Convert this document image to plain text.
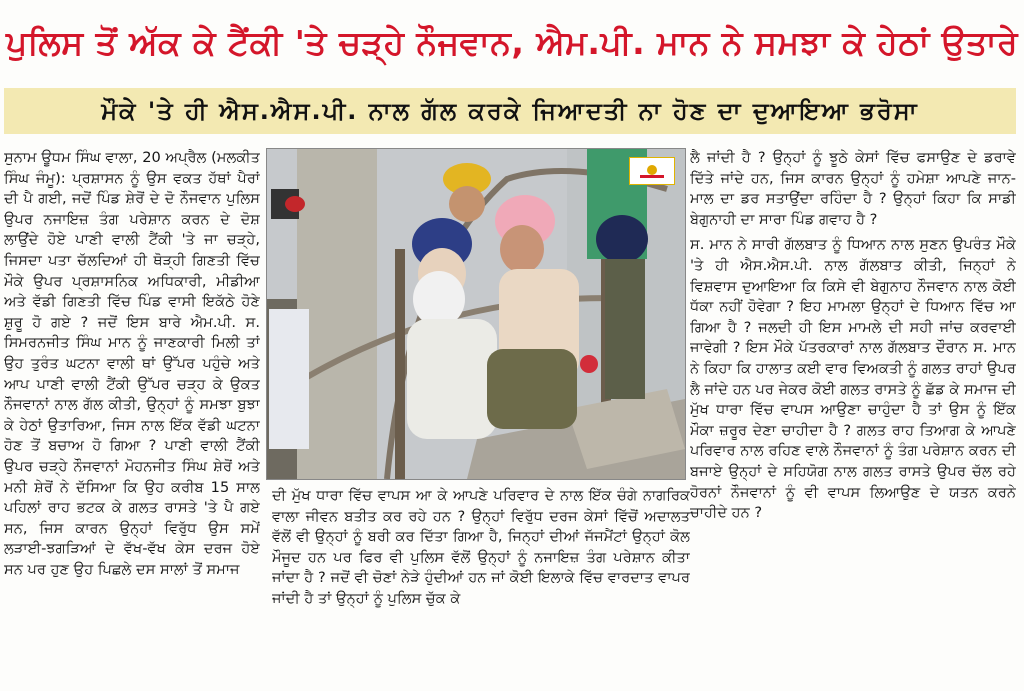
ਪੁਲਿਸ ਤੋਂ ਅੱਕ ਕੇ ਟੈਂਕੀ 'ਤੇ ਚੜ੍ਹੇ ਨੌਜਵਾਨ, ਐਮ.ਪੀ. ਮਾਨ ਨੇ ਸਮਝਾ ਕੇ ਹੇਠਾਂ ਉਤਾਰੇ
ਮੌਕੇ 'ਤੇ ਹੀ ਐਸ.ਐਸ.ਪੀ. ਨਾਲ ਗੱਲ ਕਰਕੇ ਜਿਆਦਤੀ ਨਾ ਹੋਣ ਦਾ ਦੁਆਇਆ ਭਰੋਸਾ

ਸੁਨਾਮ ਊਧਮ ਸਿੰਘ ਵਾਲਾ, 20 ਅਪ੍ਰੈਲ (ਮਲਕੀਤ ਸਿੰਘ ਜੰਮੂ): ਪ੍ਰਸ਼ਾਸਨ ਨੂੰ ਉਸ ਵਕਤ ਹੱਥਾਂ ਪੈਰਾਂ ਦੀ ਪੈ ਗਈ, ਜਦੋਂ ਪਿੰਡ ਸ਼ੇਰੋਂ ਦੇ ਦੋ ਨੌਜਵਾਨ ਪੁਲਿਸ ਉਪਰ ਨਜਾਇਜ਼ ਤੰਗ ਪਰੇਸ਼ਾਨ ਕਰਨ ਦੇ ਦੋਸ਼ ਲਾਉਂਦੇ ਹੋਏ ਪਾਣੀ ਵਾਲੀ ਟੈਂਕੀ 'ਤੇ ਜਾ ਚੜ੍ਹੇ, ਜਿਸਦਾ ਪਤਾ ਚੱਲਦਿਆਂ ਹੀ ਥੋੜ੍ਹੀ ਗਿਣਤੀ ਵਿੱਚ ਮੌਕੇ ਉਪਰ ਪ੍ਰਸ਼ਾਸਨਿਕ ਅਧਿਕਾਰੀ, ਮੀਡੀਆ ਅਤੇ ਵੱਡੀ ਗਿਣਤੀ ਵਿੱਚ ਪਿੰਡ ਵਾਸੀ ਇਕੱਠੇ ਹੋਣੇ ਸ਼ੁਰੂ ਹੋ ਗਏ ? ਜਦੋਂ ਇਸ ਬਾਰੇ ਐਮ.ਪੀ. ਸ. ਸਿਮਰਨਜੀਤ ਸਿੰਘ ਮਾਨ ਨੂੰ ਜਾਣਕਾਰੀ ਮਿਲੀ ਤਾਂ ਉਹ ਤੁਰੰਤ ਘਟਨਾ ਵਾਲੀ ਥਾਂ ਉੱਪਰ ਪਹੁੰਚੇ ਅਤੇ ਆਪ ਪਾਣੀ ਵਾਲੀ ਟੈਂਕੀ ਉੱਪਰ ਚੜ੍ਹ ਕੇ ਉਕਤ ਨੌਜਵਾਨਾਂ ਨਾਲ ਗੱਲ ਕੀਤੀ, ਉਨ੍ਹਾਂ ਨੂੰ ਸਮਝਾ ਬੁਝਾ ਕੇ ਹੇਠਾਂ ਉਤਾਰਿਆ, ਜਿਸ ਨਾਲ ਇੱਕ ਵੱਡੀ ਘਟਨਾ ਹੋਣ ਤੋਂ ਬਚਾਅ ਹੋ ਗਿਆ ? ਪਾਣੀ ਵਾਲੀ ਟੈਂਕੀ ਉਪਰ ਚੜ੍ਹੇ ਨੌਜਵਾਨਾਂ ਮੋਹਨਜੀਤ ਸਿੰਘ ਸ਼ੇਰੋਂ ਅਤੇ ਮਨੀ ਸ਼ੇਰੋਂ ਨੇ ਦੱਸਿਆ ਕਿ ਉਹ ਕਰੀਬ 15 ਸਾਲ ਪਹਿਲਾਂ ਰਾਹ ਭਟਕ ਕੇ ਗਲਤ ਰਾਸਤੇ 'ਤੇ ਪੈ ਗਏ ਸਨ, ਜਿਸ ਕਾਰਨ ਉਨ੍ਹਾਂ ਵਿਰੁੱਧ ਉਸ ਸਮੇਂ ਲੜਾਈ-ਝਗੜਿਆਂ ਦੇ ਵੱਖ-ਵੱਖ ਕੇਸ ਦਰਜ ਹੋਏ ਸਨ ਪਰ ਹੁਣ ਉਹ ਪਿਛਲੇ ਦਸ ਸਾਲਾਂ ਤੋਂ ਸਮਾਜ

ਦੀ ਮੁੱਖ ਧਾਰਾ ਵਿੱਚ ਵਾਪਸ ਆ ਕੇ ਆਪਣੇ ਪਰਿਵਾਰ ਦੇ ਨਾਲ ਇੱਕ ਚੰਗੇ ਨਾਗਰਿਕ ਵਾਲਾ ਜੀਵਨ ਬਤੀਤ ਕਰ ਰਹੇ ਹਨ ? ਉਨ੍ਹਾਂ ਵਿਰੁੱਧ ਦਰਜ ਕੇਸਾਂ ਵਿੱਚੋਂ ਅਦਾਲਤ ਵੱਲੋਂ ਵੀ ਉਨ੍ਹਾਂ ਨੂੰ ਬਰੀ ਕਰ ਦਿੱਤਾ ਗਿਆ ਹੈ, ਜਿਨ੍ਹਾਂ ਦੀਆਂ ਜੱਜਮੈਂਟਾਂ ਉਨ੍ਹਾਂ ਕੋਲ ਮੌਜੂਦ ਹਨ ਪਰ ਫਿਰ ਵੀ ਪੁਲਿਸ ਵੱਲੋਂ ਉਨ੍ਹਾਂ ਨੂੰ ਨਜਾਇਜ਼ ਤੰਗ ਪਰੇਸ਼ਾਨ ਕੀਤਾ ਜਾਂਦਾ ਹੈ ? ਜਦੋਂ ਵੀ ਚੋਣਾਂ ਨੇੜੇ ਹੁੰਦੀਆਂ ਹਨ ਜਾਂ ਕੋਈ ਇਲਾਕੇ ਵਿੱਚ ਵਾਰਦਾਤ ਵਾਪਰ ਜਾਂਦੀ ਹੈ ਤਾਂ ਉਨ੍ਹਾਂ ਨੂੰ ਪੁਲਿਸ ਚੁੱਕ ਕੇ

ਲੈ ਜਾਂਦੀ ਹੈ ? ਉਨ੍ਹਾਂ ਨੂੰ ਝੂਠੇ ਕੇਸਾਂ ਵਿੱਚ ਫਸਾਉਣ ਦੇ ਡਰਾਵੇ ਦਿੱਤੇ ਜਾਂਦੇ ਹਨ, ਜਿਸ ਕਾਰਨ ਉਨ੍ਹਾਂ ਨੂੰ ਹਮੇਸ਼ਾ ਆਪਣੇ ਜਾਨ-ਮਾਲ ਦਾ ਡਰ ਸਤਾਉਂਦਾ ਰਹਿੰਦਾ ਹੈ ? ਉਨ੍ਹਾਂ ਕਿਹਾ ਕਿ ਸਾਡੀ ਬੇਗੁਨਾਹੀ ਦਾ ਸਾਰਾ ਪਿੰਡ ਗਵਾਹ ਹੈ ?

ਸ. ਮਾਨ ਨੇ ਸਾਰੀ ਗੱਲਬਾਤ ਨੂੰ ਧਿਆਨ ਨਾਲ ਸੁਣਨ ਉਪਰੰਤ ਮੌਕੇ 'ਤੇ ਹੀ ਐਸ.ਐਸ.ਪੀ. ਨਾਲ ਗੱਲਬਾਤ ਕੀਤੀ, ਜਿਨ੍ਹਾਂ ਨੇ ਵਿਸ਼ਵਾਸ ਦੁਆਇਆ ਕਿ ਕਿਸੇ ਵੀ ਬੇਗੁਨਾਹ ਨੌਜਵਾਨ ਨਾਲ ਕੋਈ ਧੱਕਾ ਨਹੀਂ ਹੋਵੇਗਾ ? ਇਹ ਮਾਮਲਾ ਉਨ੍ਹਾਂ ਦੇ ਧਿਆਨ ਵਿੱਚ ਆ ਗਿਆ ਹੈ ? ਜਲਦੀ ਹੀ ਇਸ ਮਾਮਲੇ ਦੀ ਸਹੀ ਜਾਂਚ ਕਰਵਾਈ ਜਾਵੇਗੀ ? ਇਸ ਮੌਕੇ ਪੱਤਰਕਾਰਾਂ ਨਾਲ ਗੱਲਬਾਤ ਦੌਰਾਨ ਸ. ਮਾਨ ਨੇ ਕਿਹਾ ਕਿ ਹਾਲਾਤ ਕਈ ਵਾਰ ਵਿਅਕਤੀ ਨੂੰ ਗਲਤ ਰਾਹਾਂ ਉਪਰ ਲੈ ਜਾਂਦੇ ਹਨ ਪਰ ਜੇਕਰ ਕੋਈ ਗਲਤ ਰਾਸਤੇ ਨੂੰ ਛੱਡ ਕੇ ਸਮਾਜ ਦੀ ਮੁੱਖ ਧਾਰਾ ਵਿੱਚ ਵਾਪਸ ਆਉਣਾ ਚਾਹੁੰਦਾ ਹੈ ਤਾਂ ਉਸ ਨੂੰ ਇੱਕ ਮੌਕਾ ਜ਼ਰੂਰ ਦੇਣਾ ਚਾਹੀਦਾ ਹੈ ? ਗਲਤ ਰਾਹ ਤਿਆਗ ਕੇ ਆਪਣੇ ਪਰਿਵਾਰ ਨਾਲ ਰਹਿਣ ਵਾਲੇ ਨੌਜਵਾਨਾਂ ਨੂੰ ਤੰਗ ਪਰੇਸ਼ਾਨ ਕਰਨ ਦੀ ਬਜਾਏ ਉਨ੍ਹਾਂ ਦੇ ਸਹਿਯੋਗ ਨਾਲ ਗਲਤ ਰਾਸਤੇ ਉਪਰ ਚੱਲ ਰਹੇ ਹੋਰਨਾਂ ਨੌਜਵਾਨਾਂ ਨੂੰ ਵੀ ਵਾਪਸ ਲਿਆਉਣ ਦੇ ਯਤਨ ਕਰਨੇ ਚਾਹੀਦੇ ਹਨ ?
